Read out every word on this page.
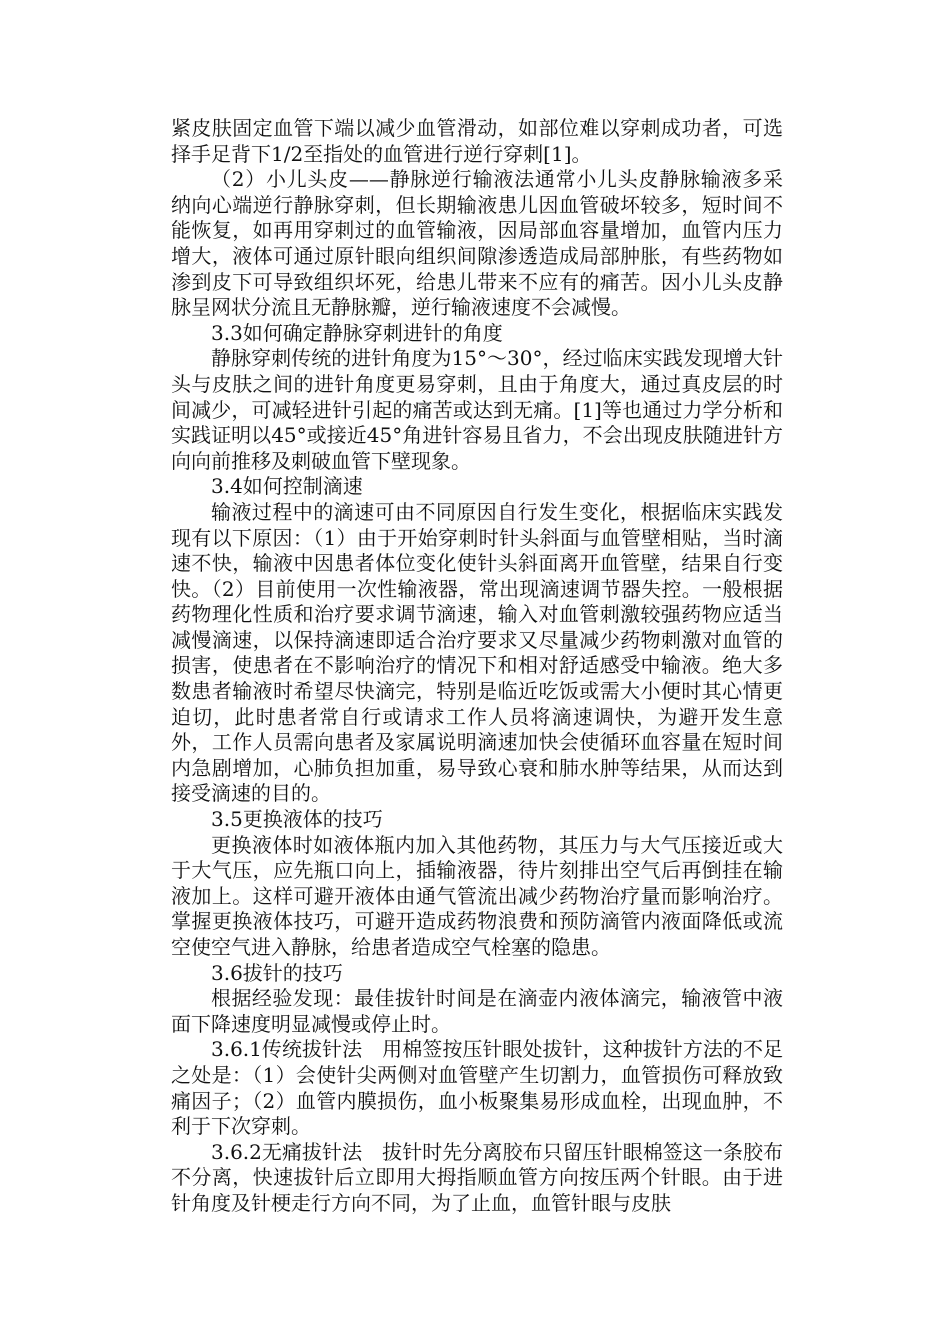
紧皮肤固定血管下端以减少血管滑动，如部位难以穿刺成功者，可选择手足背下1/2至指处的血管进行逆行穿刺[1]。

（2）小儿头皮——静脉逆行输液法通常小儿头皮静脉输液多采纳向心端逆行静脉穿刺，但长期输液患儿因血管破坏较多，短时间不能恢复，如再用穿刺过的血管输液，因局部血容量增加，血管内压力增大，液体可通过原针眼向组织间隙渗透造成局部肿胀，有些药物如渗到皮下可导致组织坏死，给患儿带来不应有的痛苦。因小儿头皮静脉呈网状分流且无静脉瓣，逆行输液速度不会减慢。

3.3如何确定静脉穿刺进针的角度

静脉穿刺传统的进针角度为15°～30°，经过临床实践发现增大针头与皮肤之间的进针角度更易穿刺，且由于角度大，通过真皮层的时间减少，可减轻进针引起的痛苦或达到无痛。[1]等也通过力学分析和实践证明以45°或接近45°角进针容易且省力，不会出现皮肤随进针方向向前推移及刺破血管下壁现象。

3.4如何控制滴速

输液过程中的滴速可由不同原因自行发生变化，根据临床实践发现有以下原因：（1）由于开始穿刺时针头斜面与血管壁相贴，当时滴速不快，输液中因患者体位变化使针头斜面离开血管壁，结果自行变快。（2）目前使用一次性输液器，常出现滴速调节器失控。一般根据药物理化性质和治疗要求调节滴速，输入对血管刺激较强药物应适当减慢滴速，以保持滴速即适合治疗要求又尽量减少药物刺激对血管的损害，使患者在不影响治疗的情况下和相对舒适感受中输液。绝大多数患者输液时希望尽快滴完，特别是临近吃饭或需大小便时其心情更迫切，此时患者常自行或请求工作人员将滴速调快，为避开发生意外，工作人员需向患者及家属说明滴速加快会使循环血容量在短时间内急剧增加，心肺负担加重，易导致心衰和肺水肿等结果，从而达到接受滴速的目的。

3.5更换液体的技巧

更换液体时如液体瓶内加入其他药物，其压力与大气压接近或大于大气压，应先瓶口向上，插输液器，待片刻排出空气后再倒挂在输液加上。这样可避开液体由通气管流出减少药物治疗量而影响治疗。掌握更换液体技巧，可避开造成药物浪费和预防滴管内液面降低或流空使空气进入静脉，给患者造成空气栓塞的隐患。

3.6拔针的技巧

根据经验发现：最佳拔针时间是在滴壶内液体滴完，输液管中液面下降速度明显减慢或停止时。

3.6.1传统拔针法　用棉签按压针眼处拔针，这种拔针方法的不足之处是：（1）会使针尖两侧对血管壁产生切割力，血管损伤可释放致痛因子；（2）血管内膜损伤，血小板聚集易形成血栓，出现血肿，不利于下次穿刺。

3.6.2无痛拔针法　拔针时先分离胶布只留压针眼棉签这一条胶布不分离，快速拔针后立即用大拇指顺血管方向按压两个针眼。由于进针角度及针梗走行方向不同，为了止血，血管针眼与皮肤
